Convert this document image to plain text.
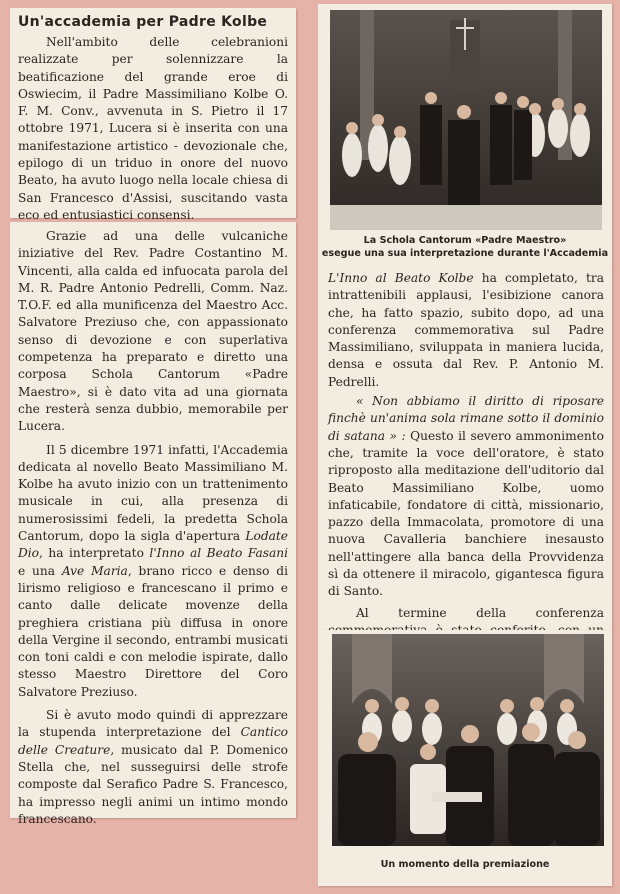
Un'accademia per Padre Kolbe

Nell'ambito delle celebranioni realizzate per solennizzare la beatificazione del grande eroe di Oswiecim, il Padre Massimiliano Kolbe O. F. M. Conv., avvenuta in S. Pietro il 17 ottobre 1971, Lucera si è inserita con una manifestazione artistico - devozionale che, epilogo di un triduo in onore del nuovo Beato, ha avuto luogo nella locale chiesa di San Francesco d'Assisi, suscitando vasta eco ed entusiastici consensi.

Grazie ad una delle vulcaniche iniziative del Rev. Padre Costantino M. Vincenti, alla calda ed infuocata parola del M. R. Padre Antonio Pedrelli, Comm. Naz. T.O.F. ed alla munificenza del Maestro Acc. Salvatore Preziuso che, con appassionato senso di devozione e con superlativa competenza ha preparato e diretto una corposa Schola Cantorum «Padre Maestro», si è dato vita ad una giornata che resterà senza dubbio, memorabile per Lucera.

Il 5 dicembre 1971 infatti, l'Accademia dedicata al novello Beato Massimiliano M. Kolbe ha avuto inizio con un trattenimento musicale in cui, alla presenza di numerosissimi fedeli, la predetta Schola Cantorum, dopo la sigla d'apertura Lodate Dio, ha interpretato l'Inno al Beato Fasani e una Ave Maria, brano ricco e denso di lirismo religioso e francescano il primo e canto dalle delicate movenze della preghiera cristiana più diffusa in onore della Vergine il secondo, entrambi musicati con toni caldi e con melodie ispirate, dallo stesso Maestro Direttore del Coro Salvatore Preziuso.

Si è avuto modo quindi di apprezzare la stupenda interpretazione del Cantico delle Creature, musicato dal P. Domenico Stella che, nel susseguirsi delle strofe composte dal Serafico Padre S. Francesco, ha impresso negli animi un intimo mondo francescano.

La Schola Cantorum «Padre Maestro»
esegue una sua interpretazione durante l'Accademia

L'Inno al Beato Kolbe ha completato, tra intrattenibili applausi, l'esibizione canora che, ha fatto spazio, subito dopo, ad una conferenza commemorativa sul Padre Massimiliano, sviluppata in maniera lucida, densa e ossuta dal Rev. P. Antonio M. Pedrelli.

« Non abbiamo il diritto di riposare finchè un'anima sola rimane sotto il dominio di satana » : Questo il severo ammonimento che, tramite la voce dell'oratore, è stato riproposto alla meditazione dell'uditorio dal Beato Massimiliano Kolbe, uomo infaticabile, fondatore di città, missionario, pazzo della Immacolata, promotore di una nuova Cavalleria banchiere inesausto nell'attingere alla banca della Provvidenza sì da ottenere il miracolo, gigantesca figura di Santo.

Al termine della conferenza

Un momento della premiazione
